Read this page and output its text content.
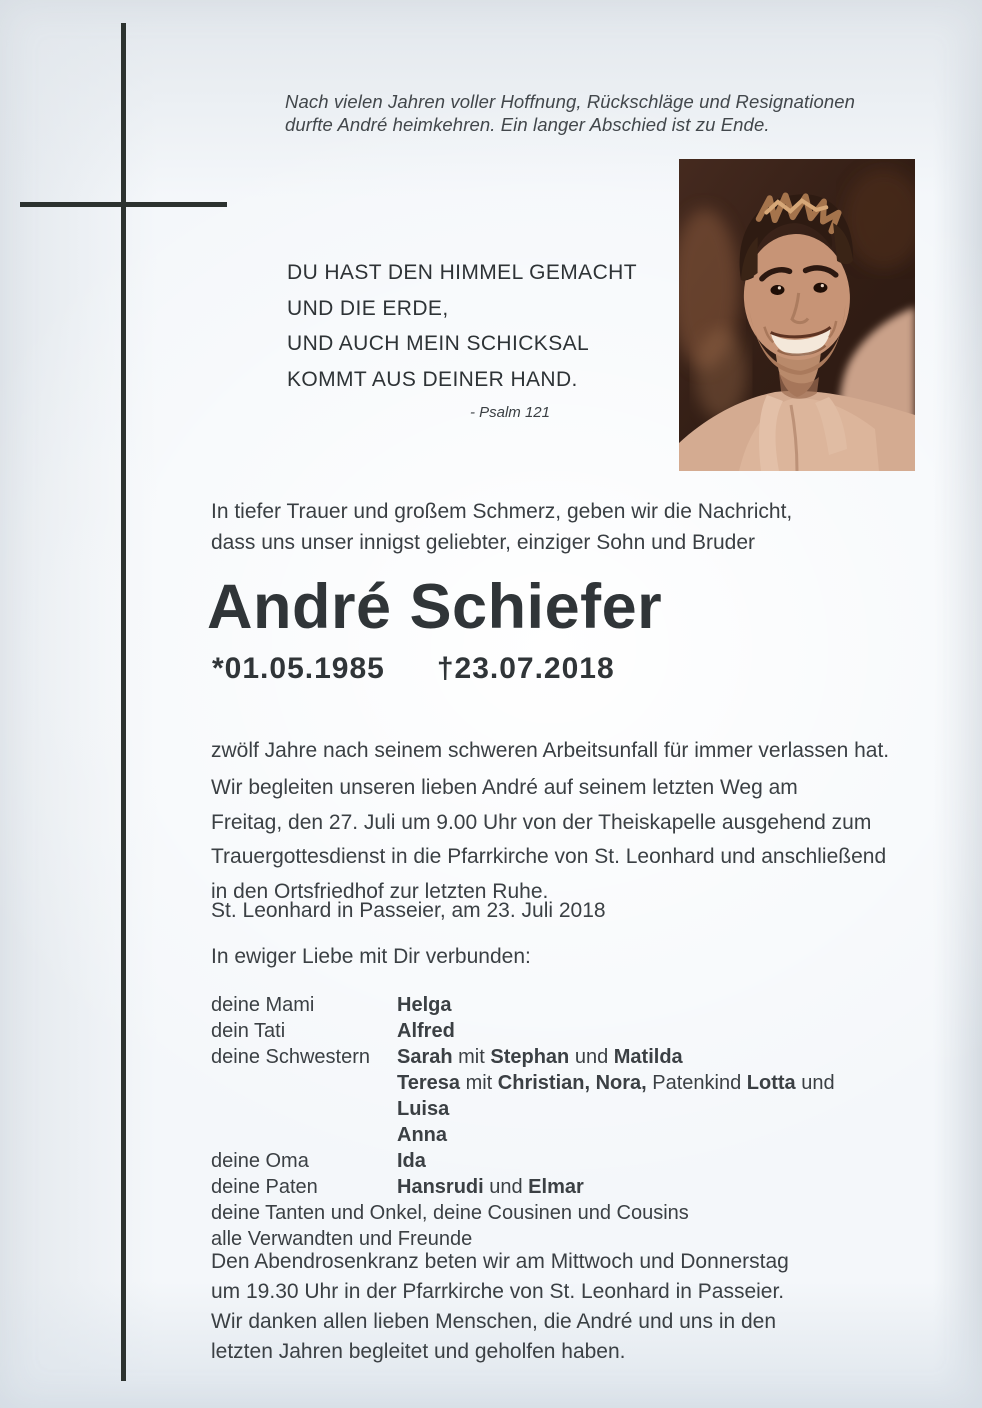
Nach vielen Jahren voller Hoffnung, Rückschläge und Resignationen
durfte André heimkehren. Ein langer Abschied ist zu Ende.
DU HAST DEN HIMMEL GEMACHT
UND DIE ERDE,
UND AUCH MEIN SCHICKSAL
KOMMT AUS DEINER HAND.
- Psalm 121
In tiefer Trauer und großem Schmerz, geben wir die Nachricht,
dass uns unser innigst geliebter, einziger Sohn und Bruder
André Schiefer
*01.05.1985 †23.07.2018
zwölf Jahre nach seinem schweren Arbeitsunfall für immer verlassen hat.
Wir begleiten unseren lieben André auf seinem letzten Weg am
Freitag, den 27. Juli um 9.00 Uhr von der Theiskapelle ausgehend zum
Trauergottesdienst in die Pfarrkirche von St. Leonhard und anschließend
in den Ortsfriedhof zur letzten Ruhe.
St. Leonhard in Passeier, am 23. Juli 2018
In ewiger Liebe mit Dir verbunden:
deine Mami	Helga
dein Tati	Alfred
deine Schwestern	Sarah mit Stephan und Matilda
Teresa mit Christian, Nora, Patenkind Lotta und Luisa
Anna
deine Oma	Ida
deine Paten	Hansrudi und Elmar
deine Tanten und Onkel, deine Cousinen und Cousins
alle Verwandten und Freunde
Den Abendrosenkranz beten wir am Mittwoch und Donnerstag
um 19.30 Uhr in der Pfarrkirche von St. Leonhard in Passeier.
Wir danken allen lieben Menschen, die André und uns in den
letzten Jahren begleitet und geholfen haben.
